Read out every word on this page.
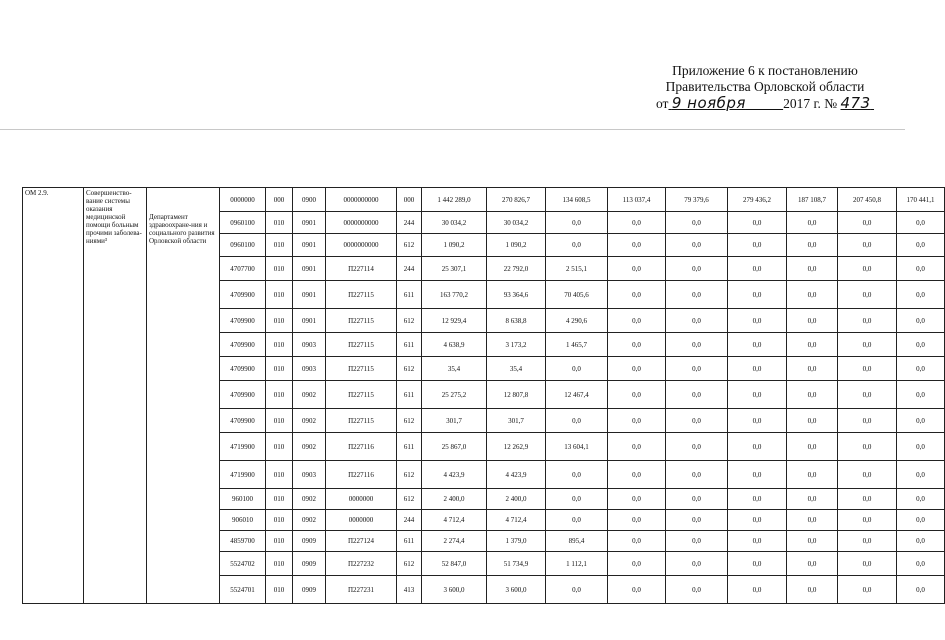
Приложение 6 к постановлению
Правительства Орловской области
от 9 ноября	2017 г. № 473
ОМ 2.9.	Совершенство-вание системы оказания медицинской помощи больным прочими заболева-ниями³		0000000	000	0900	0000000000	000	1 442 289,0	270 826,7	134 608,5	113 037,4	79 379,6	279 436,2	187 108,7	207 450,8	170 441,1

		Департамент здравоохране-ния и социального развития Орловской области	0960100	010	0901	0000000000	244	30 034,2	30 034,2	0,0	0,0	0,0	0,0	0,0	0,0	0,0
			0960100	010	0901	0000000000	612	1 090,2	1 090,2	0,0	0,0	0,0	0,0	0,0	0,0	0,0
			4707700	010	0901	П227114	244	25 307,1	22 792,0	2 515,1	0,0	0,0	0,0	0,0	0,0	0,0
			4709900	010	0901	П227115	611	163 770,2	93 364,6	70 405,6	0,0	0,0	0,0	0,0	0,0	0,0
			4709900	010	0901	П227115	612	12 929,4	8 638,8	4 290,6	0,0	0,0	0,0	0,0	0,0	0,0
			4709900	010	0903	П227115	611	4 638,9	3 173,2	1 465,7	0,0	0,0	0,0	0,0	0,0	0,0
			4709900	010	0903	П227115	612	35,4	35,4	0,0	0,0	0,0	0,0	0,0	0,0	0,0
			4709900	010	0902	П227115	611	25 275,2	12 807,8	12 467,4	0,0	0,0	0,0	0,0	0,0	0,0
			4709900	010	0902	П227115	612	301,7	301,7	0,0	0,0	0,0	0,0	0,0	0,0	0,0
			4719900	010	0902	П227116	611	25 867,0	12 262,9	13 604,1	0,0	0,0	0,0	0,0	0,0	0,0
			4719900	010	0903	П227116	612	4 423,9	4 423,9	0,0	0,0	0,0	0,0	0,0	0,0	0,0
			960100	010	0902	0000000	612	2 400,0	2 400,0	0,0	0,0	0,0	0,0	0,0	0,0	0,0
			906010	010	0902	0000000	244	4 712,4	4 712,4	0,0	0,0	0,0	0,0	0,0	0,0	0,0
			4859700	010	0909	П227124	611	2 274,4	1 379,0	895,4	0,0	0,0	0,0	0,0	0,0	0,0
			5524702	010	0909	П227232	612	52 847,0	51 734,9	1 112,1	0,0	0,0	0,0	0,0	0,0	0,0
			5524701	010	0909	П227231	413	3 600,0	3 600,0	0,0	0,0	0,0	0,0	0,0	0,0	0,0
